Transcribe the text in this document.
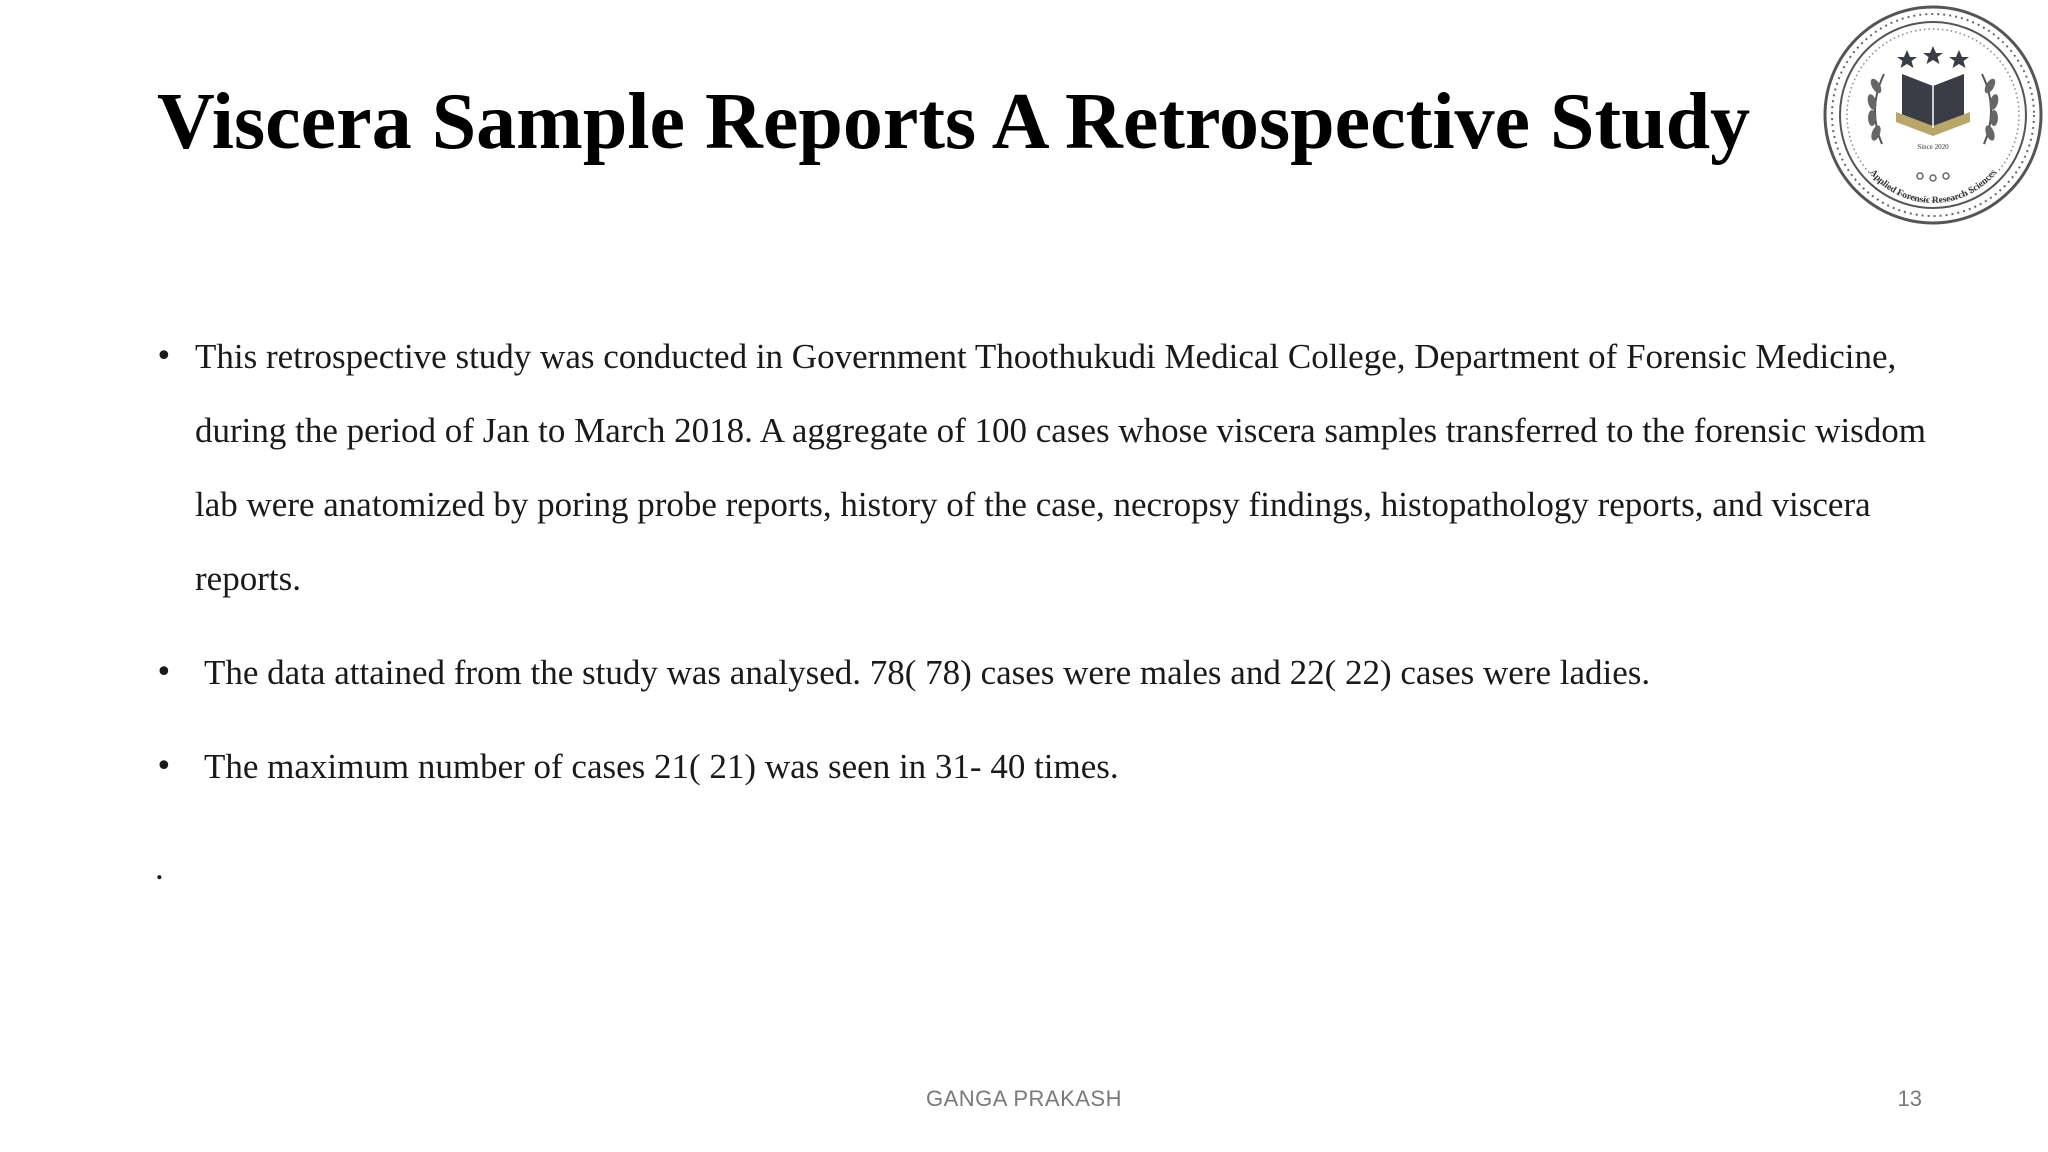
Viscera Sample Reports A Retrospective Study	Since 2020
Applied Forensic Research Sciences
• This retrospective study was conducted in Government Thoothukudi Medical College, Department of Forensic Medicine, during the period of Jan to March 2018. A aggregate of 100 cases whose viscera samples transferred to the forensic wisdom lab were anatomized by poring probe reports, history of the case, necropsy findings, histopathology reports, and viscera reports.
• The data attained from the study was analysed. 78( 78) cases were males and 22( 22) cases were ladies.
• The maximum number of cases 21( 21) was seen in 31- 40 times.
.
GANGA PRAKASH	13
